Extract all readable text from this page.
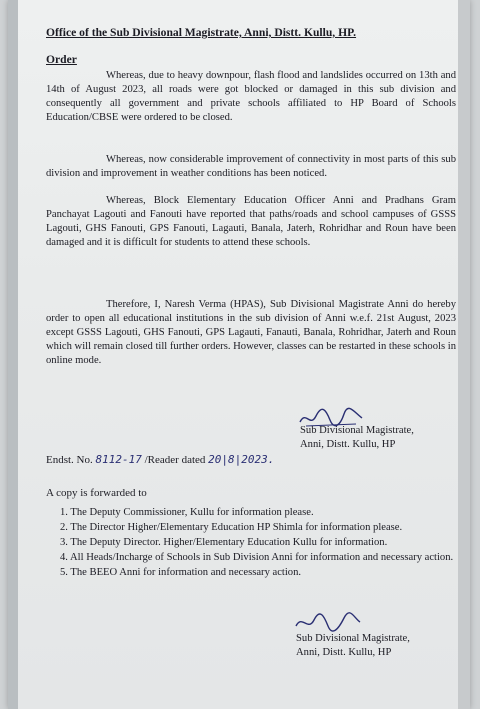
Office of the Sub Divisional Magistrate, Anni, Distt. Kullu, HP.
Order
Whereas, due to heavy downpour, flash flood and landslides occurred on 13th and 14th of August 2023, all roads were got blocked or damaged in this sub division and consequently all government and private schools affiliated to HP Board of Schools Education/CBSE were ordered to be closed.
Whereas, now considerable improvement of connectivity in most parts of this sub division and improvement in weather conditions has been noticed.
Whereas, Block Elementary Education Officer Anni and Pradhans Gram Panchayat Lagouti and Fanouti have reported that paths/roads and school campuses of GSSS Lagouti, GHS Fanouti, GPS Fanouti, Lagauti, Banala, Jaterh, Rohridhar and Roun have been damaged and it is difficult for students to attend these schools.
Therefore, I, Naresh Verma (HPAS), Sub Divisional Magistrate Anni do hereby order to open all educational institutions in the sub division of Anni w.e.f. 21st August, 2023 except GSSS Lagouti, GHS Fanouti, GPS Lagauti, Fanauti, Banala, Rohridhar, Jaterh and Roun which will remain closed till further orders. However, classes can be restarted in these schools in online mode.
Sub Divisional Magistrate,
Anni, Distt. Kullu, HP
Endst. No. 8112-17 /Reader dated 20|8|2023.
A copy is forwarded to
1. The Deputy Commissioner, Kullu for information please.
2. The Director Higher/Elementary Education HP Shimla for information please.
3. The Deputy Director. Higher/Elementary Education Kullu for information.
4. All Heads/Incharge of Schools in Sub Division Anni for information and necessary action.
5. The BEEO Anni for information and necessary action.
Sub Divisional Magistrate,
Anni, Distt. Kullu, HP
